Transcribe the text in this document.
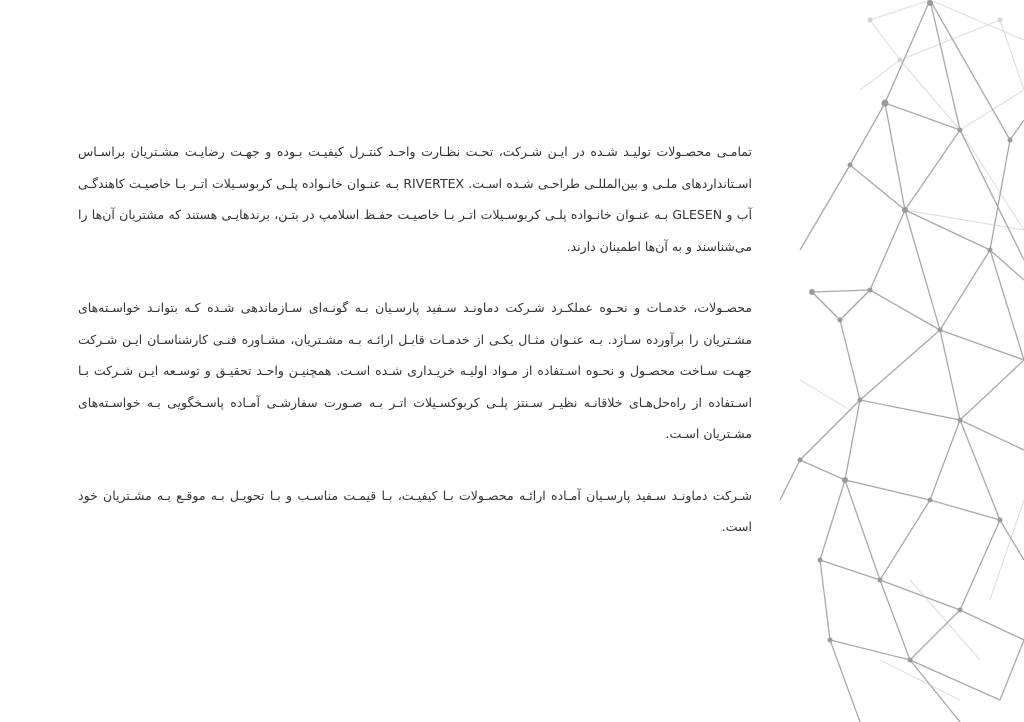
تمامـی محصـولات تولیـد شـده در ایـن شـرکت، تحـت نظـارت واحـد کنتـرل کیفیـت بـوده و جهـت رضایـت مشـتریان براسـاس اسـتانداردهای ملـی و بین‌المللـی طراحـی شـده اسـت. RIVERTEX بـه عنـوان خانـواده پلـی کربوسـیلات اتـر بـا خاصیـت کاهندگـی آب و GLESEN بـه عنـوان خانـواده پلـی کربوسـیلات اتـر بـا خاصیـت حفـظ اسلامپ در بتـن، برندهایـی هستند که مشتریان آن‌ها را می‌شناسند و به آن‌ها اطمینان دارند.

محصـولات، خدمـات و نحـوه عملکـرد شـرکت دماونـد سـفید پارسـیان بـه گونـه‌ای سـازماندهی شـده کـه بتوانـد خواسـته‌های مشـتریان را برآورده سـازد. بـه عنـوان مثـال یکـی از خدمـات قابـل ارائـه بـه مشـتریان، مشـاوره فنـی کارشناسـان ایـن شـرکت جهـت سـاخت محصـول و نحـوه اسـتفاده از مـواد اولیـه خریـداری شـده اسـت. همچنیـن واحـد تحقیـق و توسـعه ایـن شـرکت بـا اسـتفاده از راه‌حل‌هـای خلاقانـه نظیـر سـنتز پلـی کربوکسـیلات اتـر بـه صـورت سفارشـی آمـاده پاسـخگویی بـه خواسـته‌های مشـتریان اسـت.

شـرکت دماونـد سـفید پارسـیان آمـاده ارائـه محصـولات بـا کیفیـت، بـا قیمـت مناسـب و بـا تحویـل بـه موقـع بـه مشـتریان خود است.
